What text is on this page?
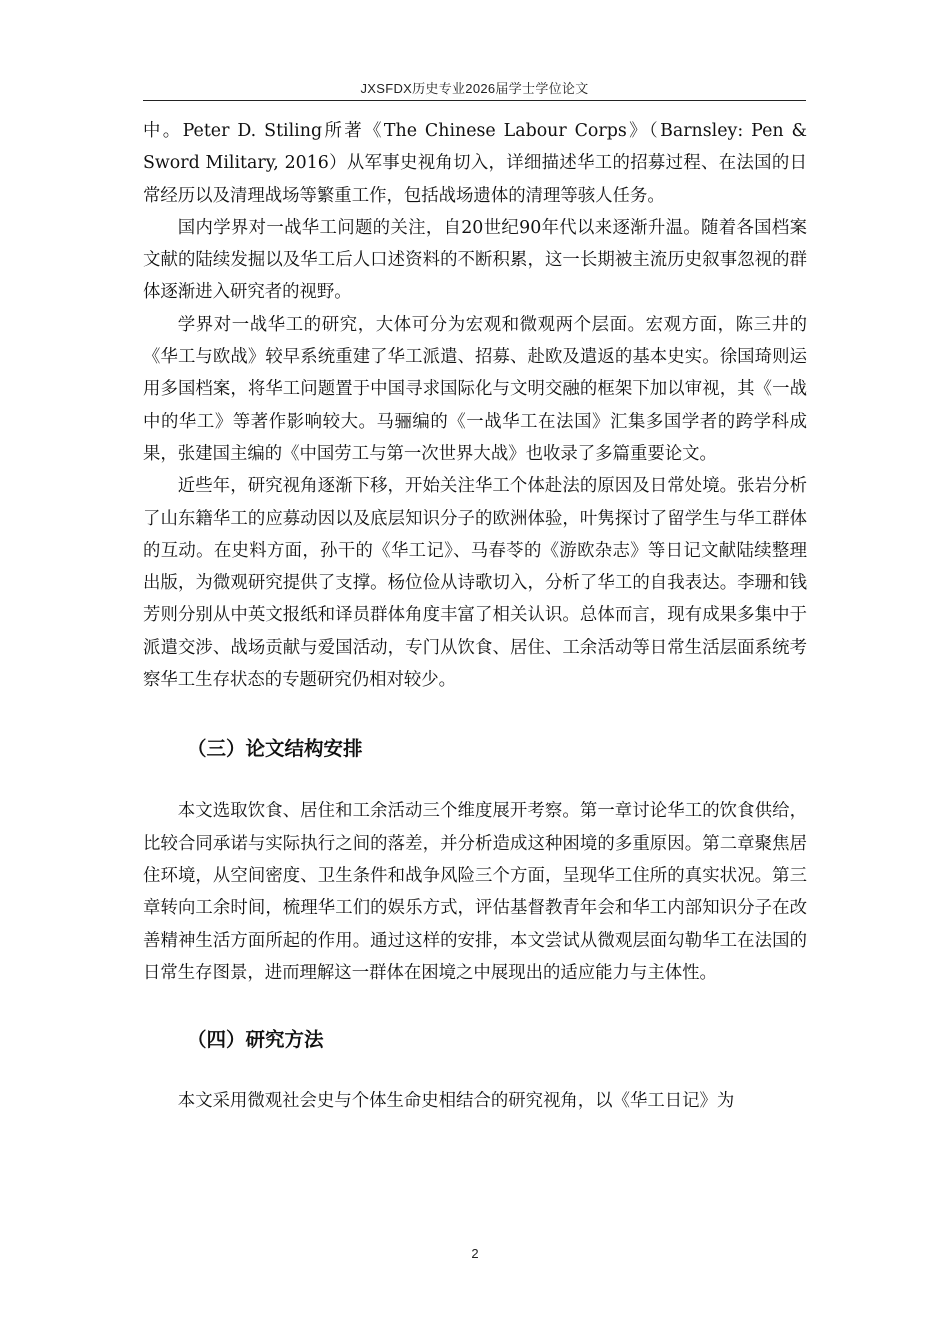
JXSFDX历史专业2026届学士学位论文

中。Peter D. Stiling所著《The Chinese Labour Corps》（Barnsley: Pen & Sword Military, 2016）从军事史视角切入，详细描述华工的招募过程、在法国的日常经历以及清理战场等繁重工作，包括战场遗体的清理等骇人任务。

国内学界对一战华工问题的关注，自20世纪90年代以来逐渐升温。随着各国档案文献的陆续发掘以及华工后人口述资料的不断积累，这一长期被主流历史叙事忽视的群体逐渐进入研究者的视野。

学界对一战华工的研究，大体可分为宏观和微观两个层面。宏观方面，陈三井的《华工与欧战》较早系统重建了华工派遣、招募、赴欧及遣返的基本史实。徐国琦则运用多国档案，将华工问题置于中国寻求国际化与文明交融的框架下加以审视，其《一战中的华工》等著作影响较大。马骊编的《一战华工在法国》汇集多国学者的跨学科成果，张建国主编的《中国劳工与第一次世界大战》也收录了多篇重要论文。

近些年，研究视角逐渐下移，开始关注华工个体赴法的原因及日常处境。张岩分析了山东籍华工的应募动因以及底层知识分子的欧洲体验，叶隽探讨了留学生与华工群体的互动。在史料方面，孙干的《华工记》、马春苓的《游欧杂志》等日记文献陆续整理出版，为微观研究提供了支撑。杨位俭从诗歌切入，分析了华工的自我表达。李珊和钱芳则分别从中英文报纸和译员群体角度丰富了相关认识。总体而言，现有成果多集中于派遣交涉、战场贡献与爱国活动，专门从饮食、居住、工余活动等日常生活层面系统考察华工生存状态的专题研究仍相对较少。

（三）论文结构安排

本文选取饮食、居住和工余活动三个维度展开考察。第一章讨论华工的饮食供给，比较合同承诺与实际执行之间的落差，并分析造成这种困境的多重原因。第二章聚焦居住环境，从空间密度、卫生条件和战争风险三个方面，呈现华工住所的真实状况。第三章转向工余时间，梳理华工们的娱乐方式，评估基督教青年会和华工内部知识分子在改善精神生活方面所起的作用。通过这样的安排，本文尝试从微观层面勾勒华工在法国的日常生存图景，进而理解这一群体在困境之中展现出的适应能力与主体性。

（四）研究方法

本文采用微观社会史与个体生命史相结合的研究视角，以《华工日记》为

2
